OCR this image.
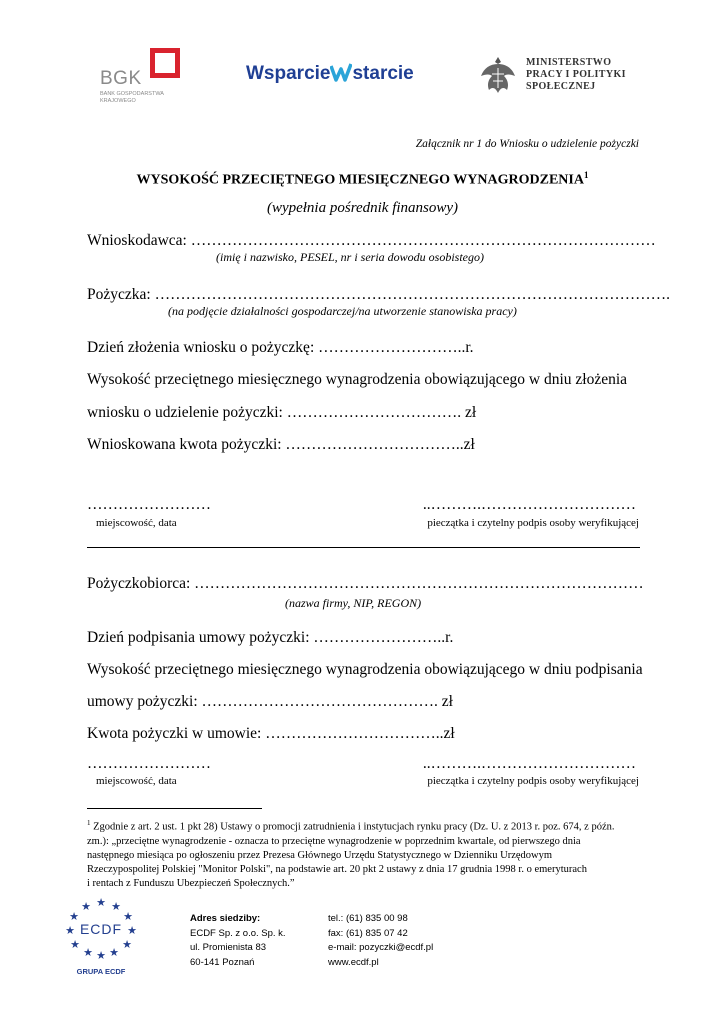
BGK
BANK GOSPODARSTWA
KRAJOWEGO
Wsparcie starcie
MINISTERSTWO
PRACY I POLITYKI
SPOŁECZNEJ
Załącznik nr 1 do Wniosku o udzielenie pożyczki
WYSOKOŚĆ PRZECIĘTNEGO MIESIĘCZNEGO WYNAGRODZENIA$^1$
(wypełnia pośrednik finansowy)
Wnioskodawca: ………………………………………………………………………………
(imię i nazwisko, PESEL, nr i seria dowodu osobistego)
Pożyczka: ……………………………………………………………………………………….
(na podjęcie działalności gospodarczej/na utworzenie stanowiska pracy)
Dzień złożenia wniosku o pożyczkę: ………………………..r.
Wysokość przeciętnego miesięcznego wynagrodzenia obowiązującego w dniu złożenia
wniosku o udzielenie pożyczki: ……………………………. zł
Wnioskowana kwota pożyczki: ……………………………..zł
……………………	..……….…………………………
miejscowość, data	pieczątka i czytelny podpis osoby weryfikującej
Pożyczkobiorca: ……………………………………………………………………………
(nazwa firmy, NIP, REGON)
Dzień podpisania umowy pożyczki: ……………………..r.
Wysokość przeciętnego miesięcznego wynagrodzenia obowiązującego w dniu podpisania
umowy pożyczki: ………………………………………. zł
Kwota pożyczki w umowie: ……………………………..zł
……………………	..……….…………………………
miejscowość, data	pieczątka i czytelny podpis osoby weryfikującej
$^1$ Zgodnie z art. 2 ust. 1 pkt 28) Ustawy o promocji zatrudnienia i instytucjach rynku pracy (Dz. U. z 2013 r. poz. 674, z późn.
zm.): „przeciętne wynagrodzenie - oznacza to przeciętne wynagrodzenie w poprzednim kwartale, od pierwszego dnia
następnego miesiąca po ogłoszeniu przez Prezesa Głównego Urzędu Statystycznego w Dzienniku Urzędowym
Rzeczypospolitej Polskiej "Monitor Polski", na podstawie art. 20 pkt 2 ustawy z dnia 17 grudnia 1998 r. o emeryturach
i rentach z Funduszu Ubezpieczeń Społecznych.”
★
★ ★
★	★
★	★
★	★
★ ★
★
ECDF
GRUPA ECDF
Adres siedziby:
ECDF Sp. z o.o. Sp. k.
ul. Promienista 83
60-141 Poznań
tel.: (61) 835 00 98
fax: (61) 835 07 42
e-mail: pozyczki@ecdf.pl
www.ecdf.pl
